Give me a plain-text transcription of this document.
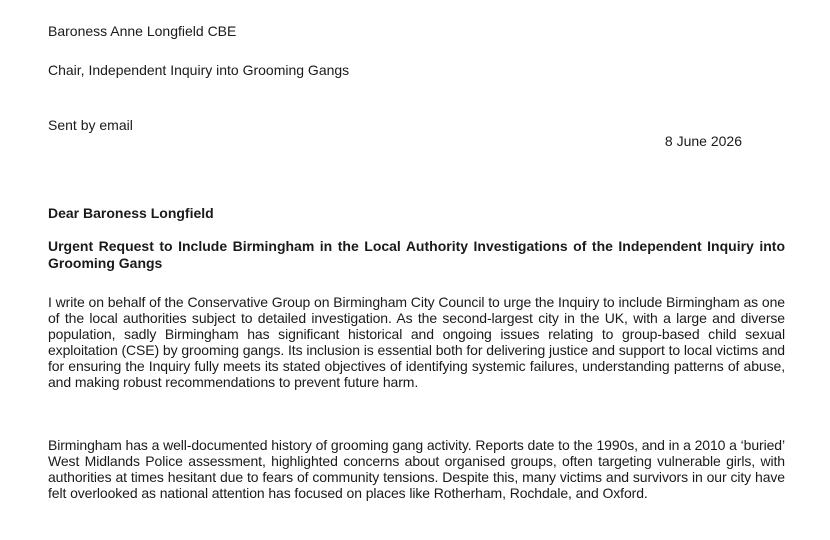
Baroness Anne Longfield CBE
Chair, Independent Inquiry into Grooming Gangs
Sent by email
8 June 2026
Dear Baroness Longfield
Urgent Request to Include Birmingham in the Local Authority Investigations of the Independent Inquiry into Grooming Gangs

I write on behalf of the Conservative Group on Birmingham City Council to urge the Inquiry to include Birmingham as one of the local authorities subject to detailed investigation. As the second-largest city in the UK, with a large and diverse population, sadly Birmingham has significant historical and ongoing issues relating to group-based child sexual exploitation (CSE) by grooming gangs. Its inclusion is essential both for delivering justice and support to local victims and for ensuring the Inquiry fully meets its stated objectives of identifying systemic failures, understanding patterns of abuse, and making robust recommendations to prevent future harm.

Birmingham has a well-documented history of grooming gang activity. Reports date to the 1990s, and in a 2010 a ‘buried’ West Midlands Police assessment, highlighted concerns about organised groups, often targeting vulnerable girls, with authorities at times hesitant due to fears of community tensions. Despite this, many victims and survivors in our city have felt overlooked as national attention has focused on places like Rotherham, Rochdale, and Oxford.
